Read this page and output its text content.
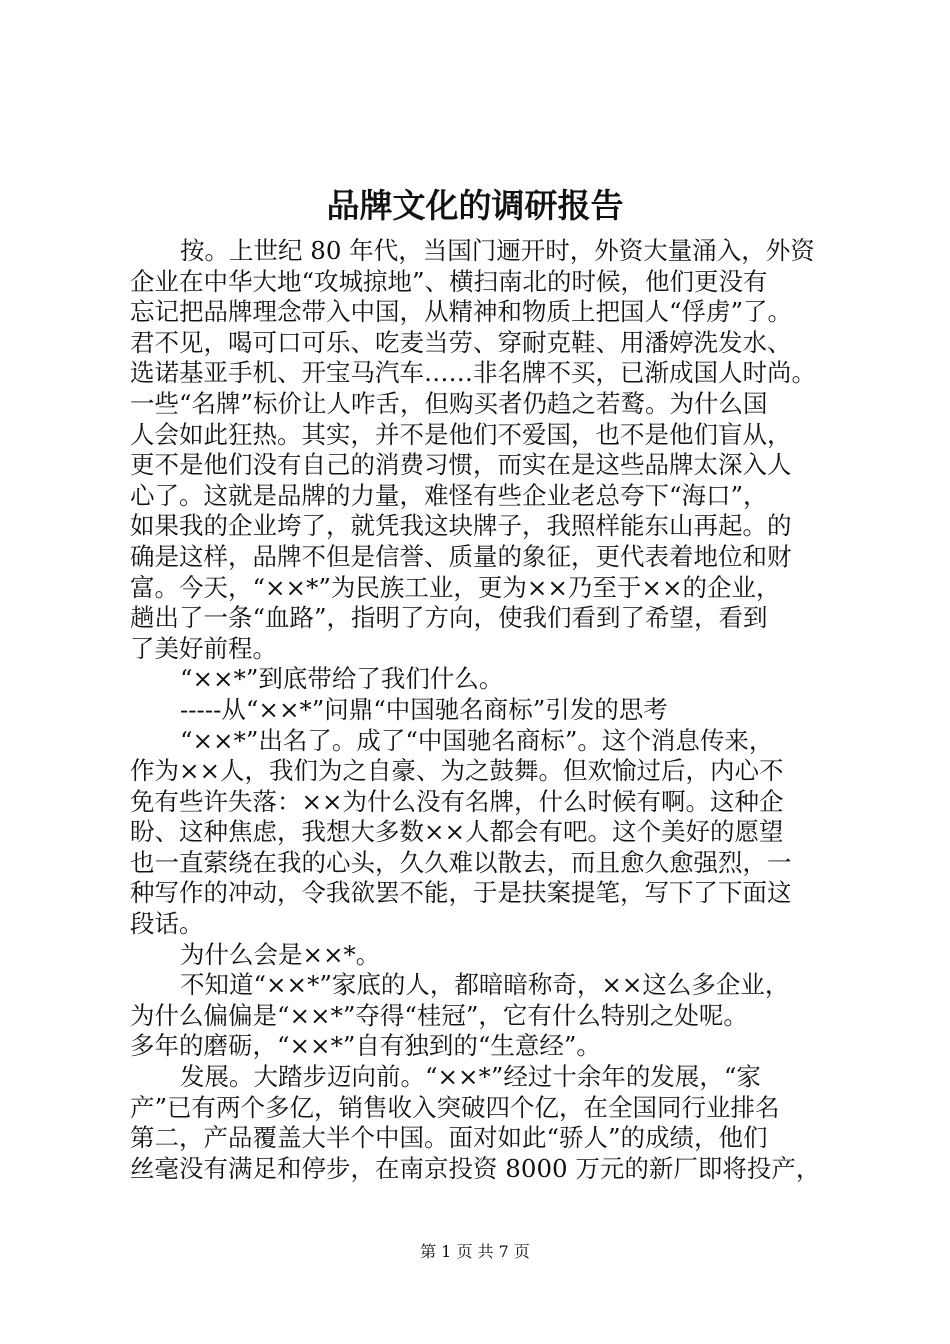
品牌文化的调研报告
按。上世纪 80 年代，当国门逦开时，外资大量涌入，外资
企业在中华大地“攻城掠地”、横扫南北的时候，他们更没有
忘记把品牌理念带入中国，从精神和物质上把国人“俘虏”了。
君不见，喝可口可乐、吃麦当劳、穿耐克鞋、用潘婷洗发水、
选诺基亚手机、开宝马汽车……非名牌不买，已渐成国人时尚。
一些“名牌”标价让人咋舌，但购买者仍趋之若鹜。为什么国
人会如此狂热。其实，并不是他们不爱国，也不是他们盲从，
更不是他们没有自己的消费习惯，而实在是这些品牌太深入人
心了。这就是品牌的力量，难怪有些企业老总夸下“海口”，
如果我的企业垮了，就凭我这块牌子，我照样能东山再起。的
确是这样，品牌不但是信誉、质量的象征，更代表着地位和财
富。今天，“××*”为民族工业，更为××乃至于××的企业，
趟出了一条“血路”，指明了方向，使我们看到了希望，看到
了美好前程。
“××*”到底带给了我们什么。
-----从“××*”问鼎“中国驰名商标”引发的思考
“××*”出名了。成了“中国驰名商标”。这个消息传来，
作为××人，我们为之自豪、为之鼓舞。但欢愉过后，内心不
免有些许失落：××为什么没有名牌，什么时候有啊。这种企
盼、这种焦虑，我想大多数××人都会有吧。这个美好的愿望
也一直萦绕在我的心头，久久难以散去，而且愈久愈强烈，一
种写作的冲动，令我欲罢不能，于是扶案提笔，写下了下面这
段话。
为什么会是××*。
不知道“××*”家底的人，都暗暗称奇，××这么多企业，
为什么偏偏是“××*”夺得“桂冠”，它有什么特别之处呢。
多年的磨砺，“××*”自有独到的“生意经”。
发展。大踏步迈向前。“××*”经过十余年的发展，“家
产”已有两个多亿，销售收入突破四个亿，在全国同行业排名
第二，产品覆盖大半个中国。面对如此“骄人”的成绩，他们
丝毫没有满足和停步，在南京投资 8000 万元的新厂即将投产，
第 1 页 共 7 页
